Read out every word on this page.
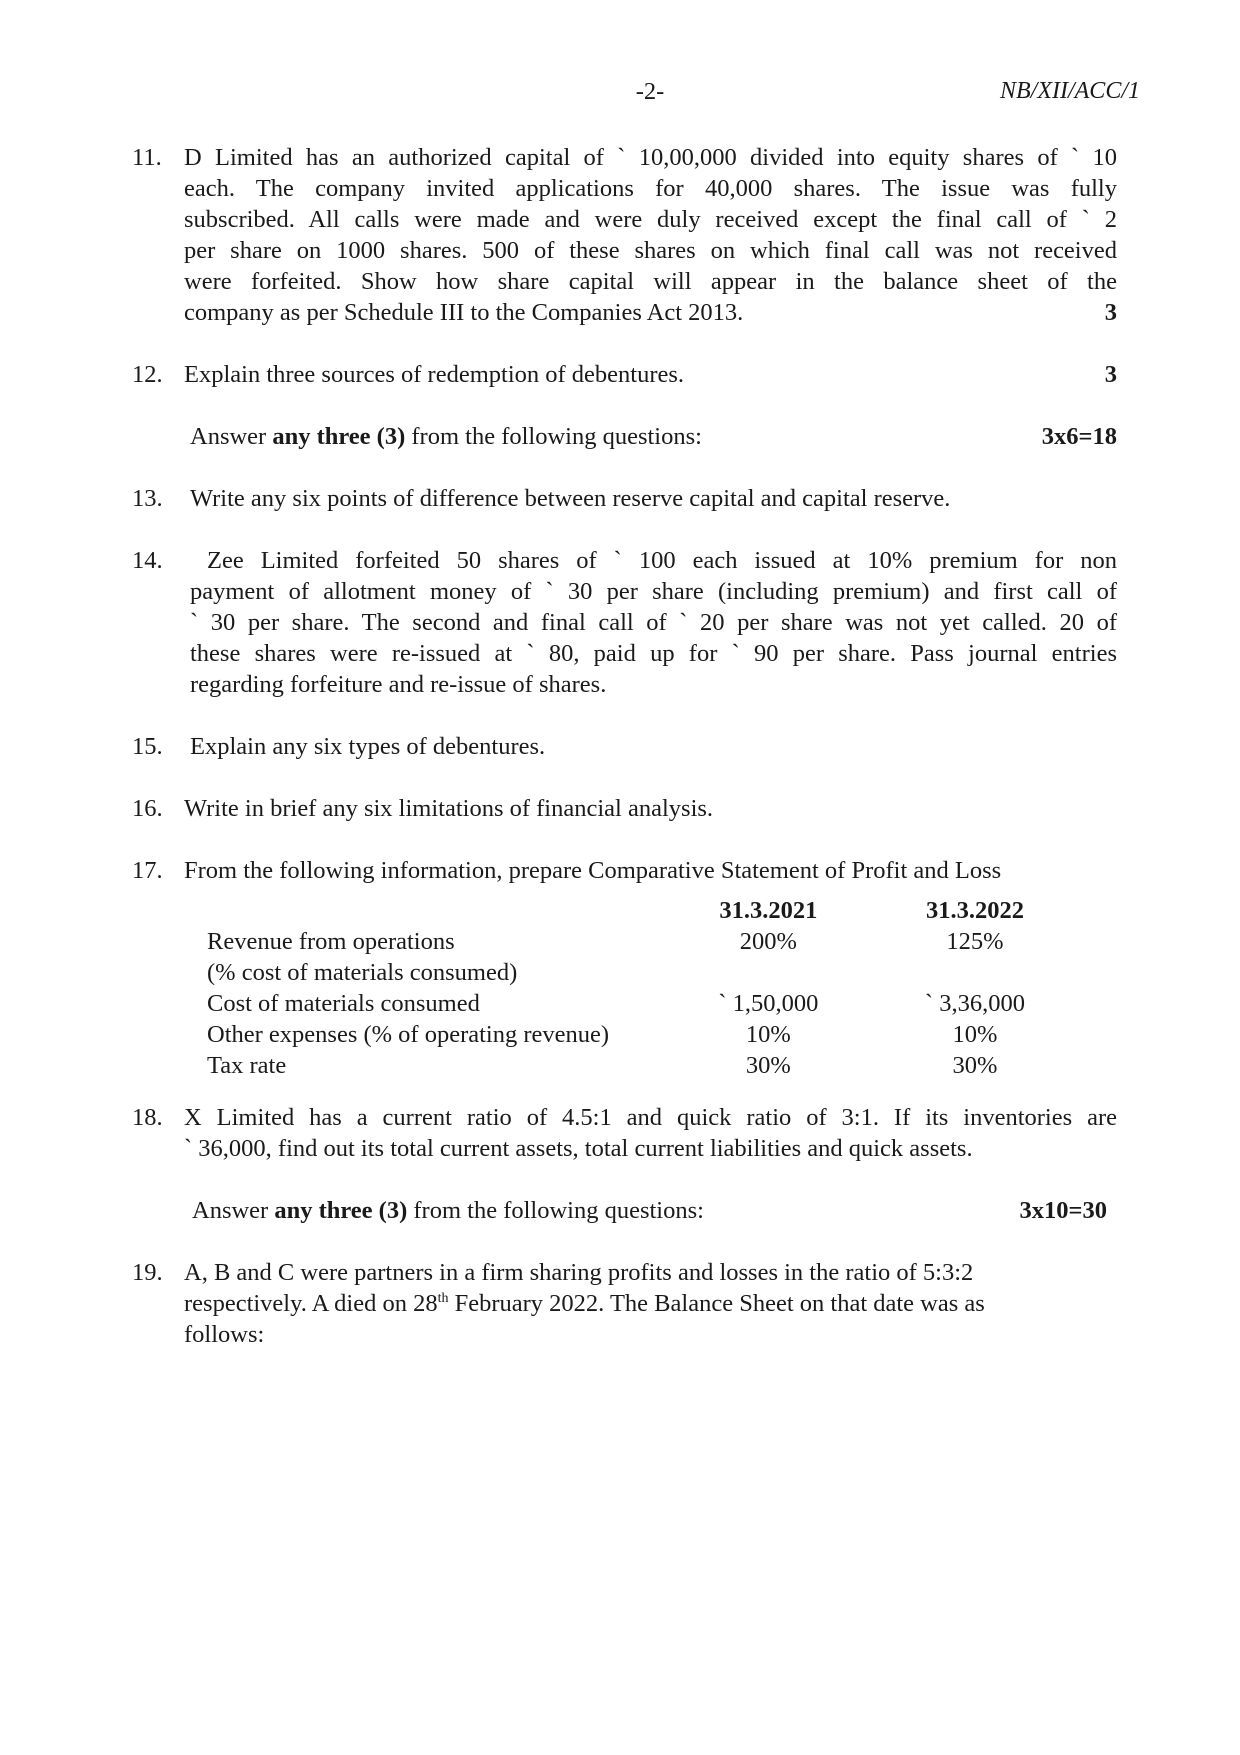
-2-	NB/XII/ACC/1
11. D Limited has an authorized capital of ` 10,00,000 divided into equity shares of ` 10
each. The company invited applications for 40,000 shares. The issue was fully
subscribed. All calls were made and were duly received except the final call of ` 2
per share on 1000 shares. 500 of these shares on which final call was not received
were forfeited. Show how share capital will appear in the balance sheet of the
company as per Schedule III to the Companies Act 2013.	3
12. Explain three sources of redemption of debentures.	3
Answer any three (3) from the following questions:	3x6=18
13.	Write any six points of difference between reserve capital and capital reserve.
14.	Zee Limited forfeited 50 shares of ` 100 each issued at 10% premium for non
payment of allotment money of ` 30 per share (including premium) and first call of
` 30 per share. The second and final call of ` 20 per share was not yet called. 20 of
these shares were re-issued at ` 80, paid up for ` 90 per share. Pass journal entries
regarding forfeiture and re-issue of shares.
15.	Explain any six types of debentures.
16. Write in brief any six limitations of financial analysis.
17. From the following information, prepare Comparative Statement of Profit and Loss
31.3.2021	31.3.2022
Revenue from operations	200%	125%
(% cost of materials consumed)
Cost of materials consumed	` 1,50,000	` 3,36,000
Other expenses (% of operating revenue)	10%	10%
Tax rate	30%	30%
18. X Limited has a current ratio of 4.5:1 and quick ratio of 3:1. If its inventories are
` 36,000, find out its total current assets, total current liabilities and quick assets.
Answer any three (3) from the following questions:	3x10=30
19. A, B and C were partners in a firm sharing profits and losses in the ratio of 5:3:2
respectively. A died on 28th February 2022. The Balance Sheet on that date was as
follows:
